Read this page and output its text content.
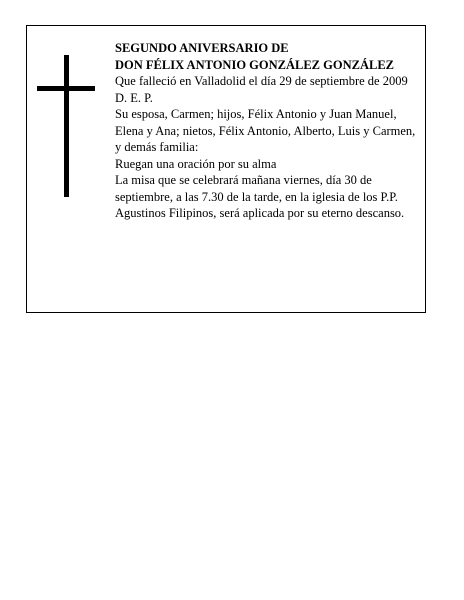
SEGUNDO ANIVERSARIO DE

DON FÉLIX ANTONIO GONZÁLEZ GONZÁLEZ

Que falleció en Valladolid el día 29 de septiembre de 2009

D. E. P.

Su esposa, Carmen; hijos, Félix Antonio y Juan Manuel, Elena y Ana; nietos, Félix Antonio, Alberto, Luis y Carmen, y demás familia:

Ruegan una oración por su alma

La misa que se celebrará mañana viernes, día 30 de septiembre, a las 7.30 de la tarde, en la iglesia de los P.P. Agustinos Filipinos, será aplicada por su eterno descanso.
